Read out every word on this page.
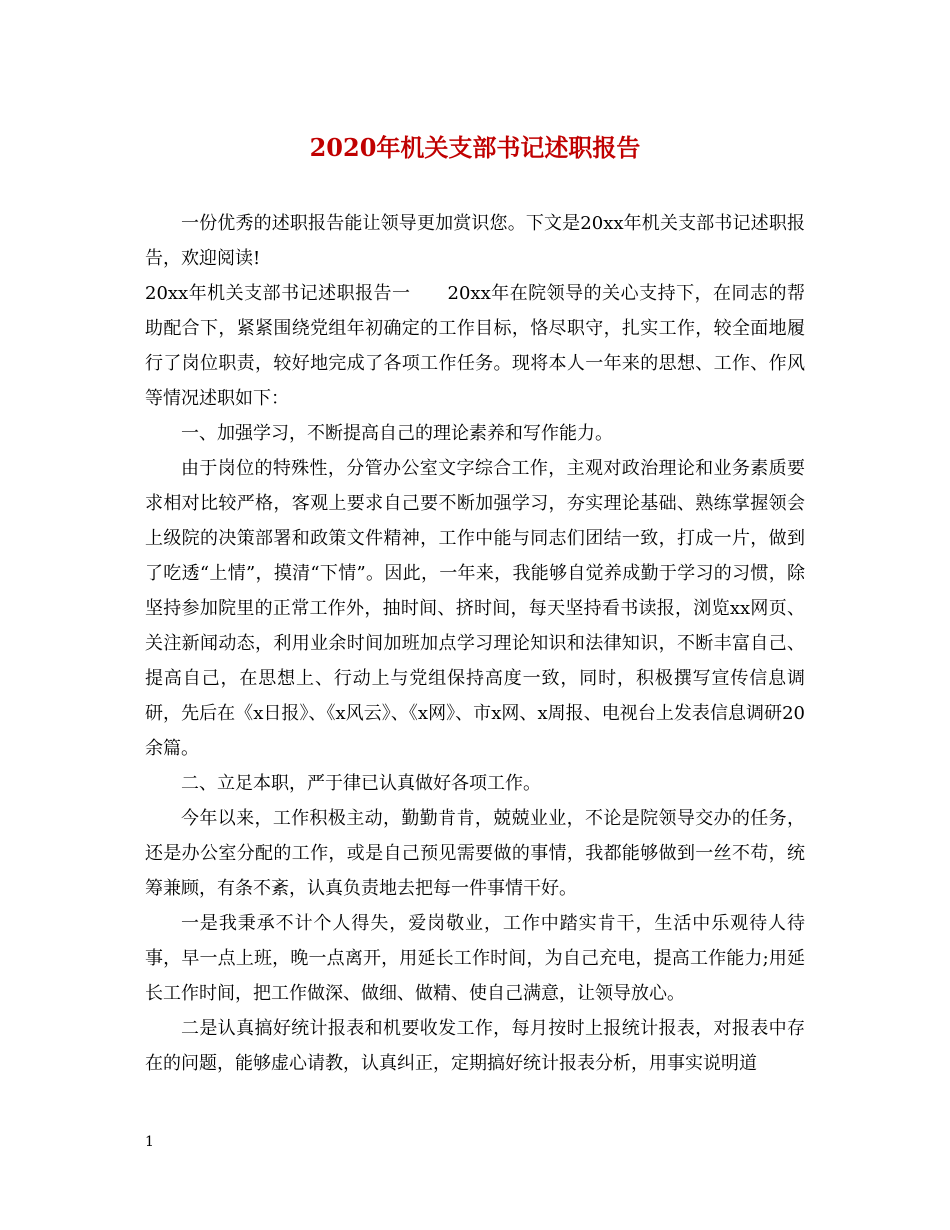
2020年机关支部书记述职报告

一份优秀的述职报告能让领导更加赏识您。下文是20xx年机关支部书记述职报告，欢迎阅读!

20xx年机关支部书记述职报告一　　20xx年在院领导的关心支持下，在同志的帮助配合下，紧紧围绕党组年初确定的工作目标，恪尽职守，扎实工作，较全面地履行了岗位职责，较好地完成了各项工作任务。现将本人一年来的思想、工作、作风等情况述职如下：

一、加强学习，不断提高自己的理论素养和写作能力。

由于岗位的特殊性，分管办公室文字综合工作，主观对政治理论和业务素质要求相对比较严格，客观上要求自己要不断加强学习，夯实理论基础、熟练掌握领会上级院的决策部署和政策文件精神，工作中能与同志们团结一致，打成一片，做到了吃透“上情”，摸清“下情”。因此，一年来，我能够自觉养成勤于学习的习惯，除坚持参加院里的正常工作外，抽时间、挤时间，每天坚持看书读报，浏览xx网页、关注新闻动态，利用业余时间加班加点学习理论知识和法律知识，不断丰富自己、提高自己，在思想上、行动上与党组保持高度一致，同时，积极撰写宣传信息调研，先后在《x日报》、《x风云》、《x网》、市x网、x周报、电视台上发表信息调研20余篇。

二、立足本职，严于律已认真做好各项工作。

今年以来，工作积极主动，勤勤肯肯，兢兢业业，不论是院领导交办的任务，还是办公室分配的工作，或是自己预见需要做的事情，我都能够做到一丝不苟，统筹兼顾，有条不紊，认真负责地去把每一件事情干好。

一是我秉承不计个人得失，爱岗敬业，工作中踏实肯干，生活中乐观待人待事，早一点上班，晚一点离开，用延长工作时间，为自己充电，提高工作能力;用延长工作时间，把工作做深、做细、做精、使自己满意，让领导放心。

二是认真搞好统计报表和机要收发工作，每月按时上报统计报表，对报表中存在的问题，能够虚心请教，认真纠正，定期搞好统计报表分析，用事实说明道

1
